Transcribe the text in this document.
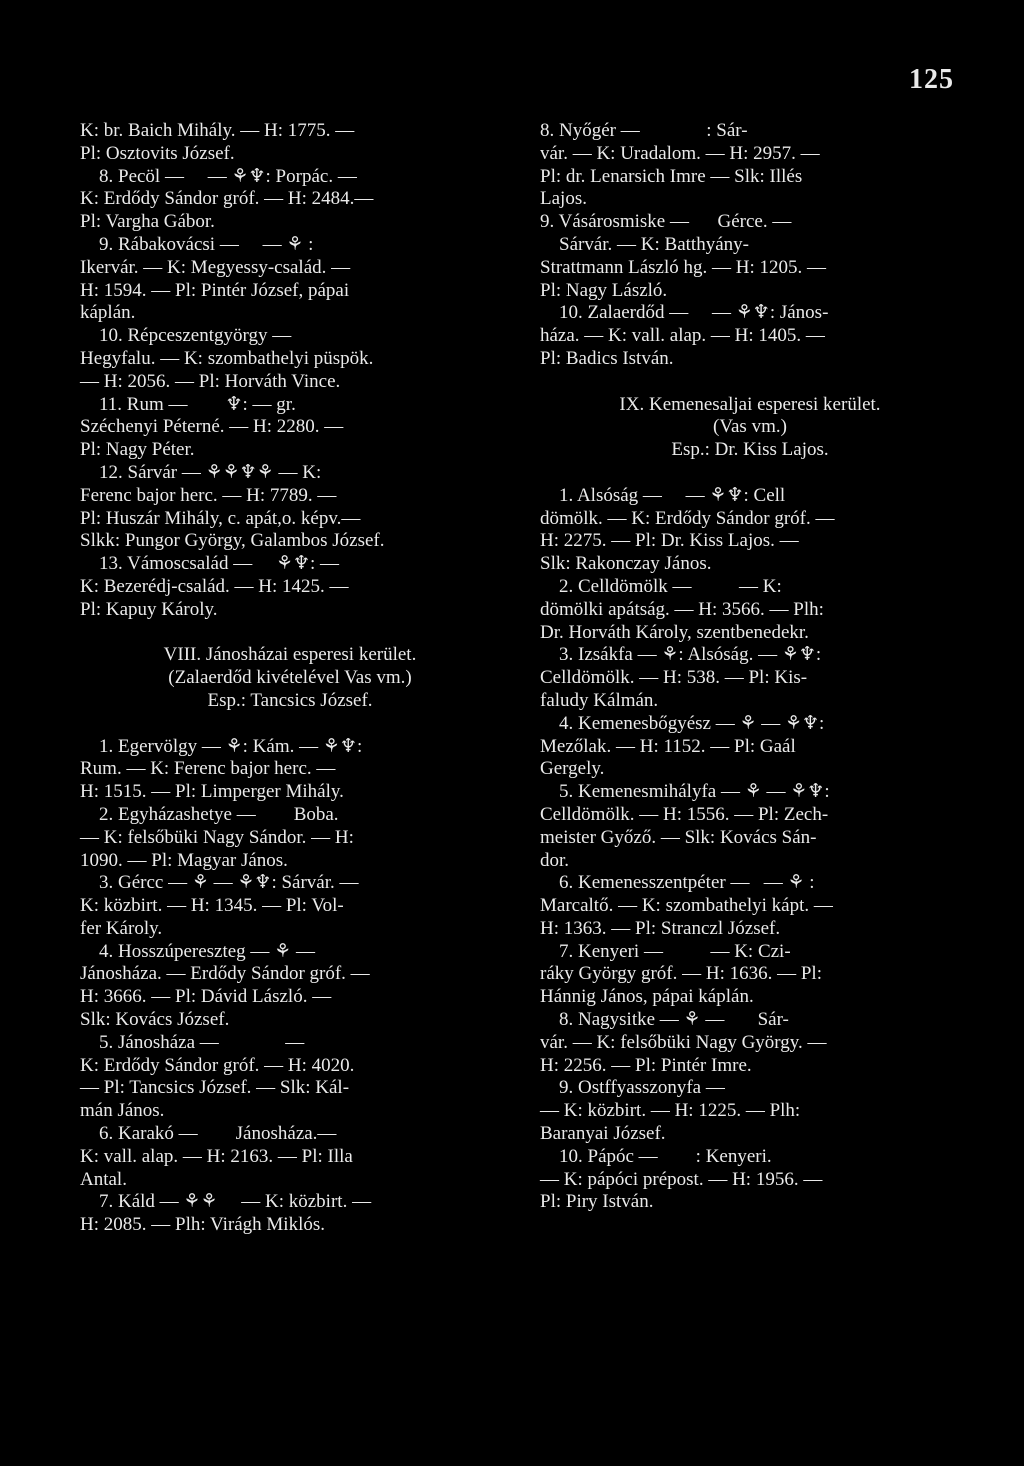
125
K: br. Baich Mihály. — H: 1775. —
Pl: Osztovits József.
8. Pecöl —     — ⚘♆: Porpác. —
K: Erdődy Sándor gróf. — H: 2484.—
Pl: Vargha Gábor.
9. Rábakovácsi —     — ⚘ :
Ikervár. — K: Megyessy-család. —
H: 1594. — Pl: Pintér József, pápai
káplán.
10. Répceszentgyörgy —
Hegyfalu. — K: szombathelyi püspök.
— H: 2056. — Pl: Horváth Vince.
11. Rum —        ♆: — gr.
Széchenyi Péterné. — H: 2280. —
Pl: Nagy Péter.
12. Sárvár — ⚘⚘♆⚘ — K:
Ferenc bajor herc. — H: 7789. —
Pl: Huszár Mihály, c. apát,o. képv.—
Slkk: Pungor György, Galambos József.
13. Vámoscsalád —     ⚘♆: —
K: Bezerédj-család. — H: 1425. —
Pl: Kapuy Károly.
VIII. Jánosházai esperesi kerület.
(Zalaerdőd kivételével Vas vm.)
Esp.: Tancsics József.
1. Egervölgy — ⚘: Kám. — ⚘♆:
Rum. — K: Ferenc bajor herc. —
H: 1515. — Pl: Limperger Mihály.
2. Egyházashetye —        Boba.
— K: felsőbüki Nagy Sándor. — H:
1090. — Pl: Magyar János.
3. Gércc — ⚘ — ⚘♆: Sárvár. —
K: közbirt. — H: 1345. — Pl: Vol-
fer Károly.
4. Hosszúpereszteg — ⚘ —
Jánosháza. — Erdődy Sándor gróf. —
H: 3666. — Pl: Dávid László. —
Slk: Kovács József.
5. Jánosháza —              —
K: Erdődy Sándor gróf. — H: 4020.
— Pl: Tancsics József. — Slk: Kál-
mán János.
6. Karakó —        Jánosháza.—
K: vall. alap. — H: 2163. — Pl: Illa
Antal.
7. Káld — ⚘⚘     — K: közbirt. —
H: 2085. — Plh: Virágh Miklós.
8. Nyőgér —              : Sár-
vár. — K: Uradalom. — H: 2957. —
Pl: dr. Lenarsich Imre — Slk: Illés
Lajos.
9. Vásárosmiske —      Gérce. —
Sárvár. — K: Batthyány-
Strattmann László hg. — H: 1205. —
Pl: Nagy László.
10. Zalaerdőd —     — ⚘♆: János-
háza. — K: vall. alap. — H: 1405. —
Pl: Badics István.
IX. Kemenesaljai esperesi kerület.
(Vas vm.)
Esp.: Dr. Kiss Lajos.
1. Alsóság —     — ⚘♆: Cell
dömölk. — K: Erdődy Sándor gróf. —
H: 2275. — Pl: Dr. Kiss Lajos. —
Slk: Rakonczay János.
2. Celldömölk —          — K:
dömölki apátság. — H: 3566. — Plh:
Dr. Horváth Károly, szentbenedekr.
3. Izsákfa — ⚘: Alsóság. — ⚘♆:
Celldömölk. — H: 538. — Pl: Kis-
faludy Kálmán.
4. Kemenesbőgyész — ⚘ — ⚘♆:
Mezőlak. — H: 1152. — Pl: Gaál
Gergely.
5. Kemenesmihályfa — ⚘ — ⚘♆:
Celldömölk. — H: 1556. — Pl: Zech-
meister Győző. — Slk: Kovács Sán-
dor.
6. Kemenesszentpéter —   — ⚘ :
Marcaltő. — K: szombathelyi kápt. —
H: 1363. — Pl: Stranczl József.
7. Kenyeri —          — K: Czi-
ráky György gróf. — H: 1636. — Pl:
Hánnig János, pápai káplán.
8. Nagysitke — ⚘ —       Sár-
vár. — K: felsőbüki Nagy György. —
H: 2256. — Pl: Pintér Imre.
9. Ostffyasszonyfa —
— K: közbirt. — H: 1225. — Plh:
Baranyai József.
10. Pápóc —        : Kenyeri.
— K: pápóci prépost. — H: 1956. —
Pl: Piry István.
